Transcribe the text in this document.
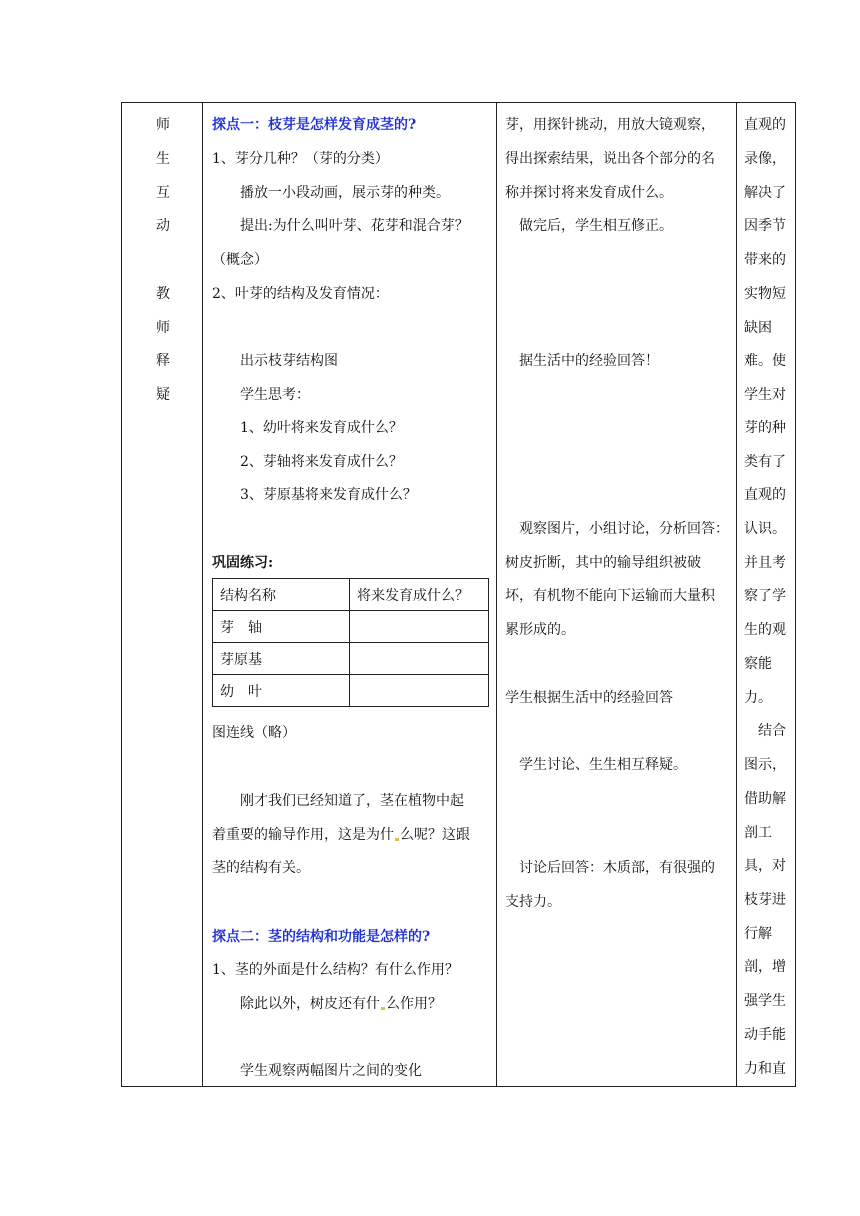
师
生
互
动
教
师
释
疑
探点一：枝芽是怎样发育成茎的?
1、芽分几种？（芽的分类）
播放一小段动画，展示芽的种类。
提出:为什么叫叶芽、花芽和混合芽？
（概念）
2、叶芽的结构及发育情况：
出示枝芽结构图
学生思考：
1、幼叶将来发育成什么？
2、芽轴将来发育成什么？
3、芽原基将来发育成什么？
巩固练习:
结构名称	将来发育成什么？
芽　轴	
芽原基	
幼　叶	
图连线（略）
刚才我们已经知道了，茎在植物中起
着重要的输导作用，这是为什 么呢？这跟
茎的结构有关。
探点二：茎的结构和功能是怎样的?
1、茎的外面是什么结构？有什么作用？
除此以外，树皮还有什 么作用？
学生观察两幅图片之间的变化
芽，用探针挑动，用放大镜观察，
得出探索结果，说出各个部分的名
称并探讨将来发育成什么。
做完后，学生相互修正。
据生活中的经验回答！
观察图片，小组讨论，分析回答：
树皮折断，其中的输导组织被破
坏，有机物不能向下运输而大量积
累形成的。
学生根据生活中的经验回答
学生讨论、生生相互释疑。
讨论后回答：木质部，有很强的
支持力。
直观的
录像，
解决了
因季节
带来的
实物短
缺困
难。使
学生对
芽的种
类有了
直观的
认识。
并且考
察了学
生的观
察能
力。
结合
图示，
借助解
剖工
具，对
枝芽进
行解
剖，增
强学生
动手能
力和直
